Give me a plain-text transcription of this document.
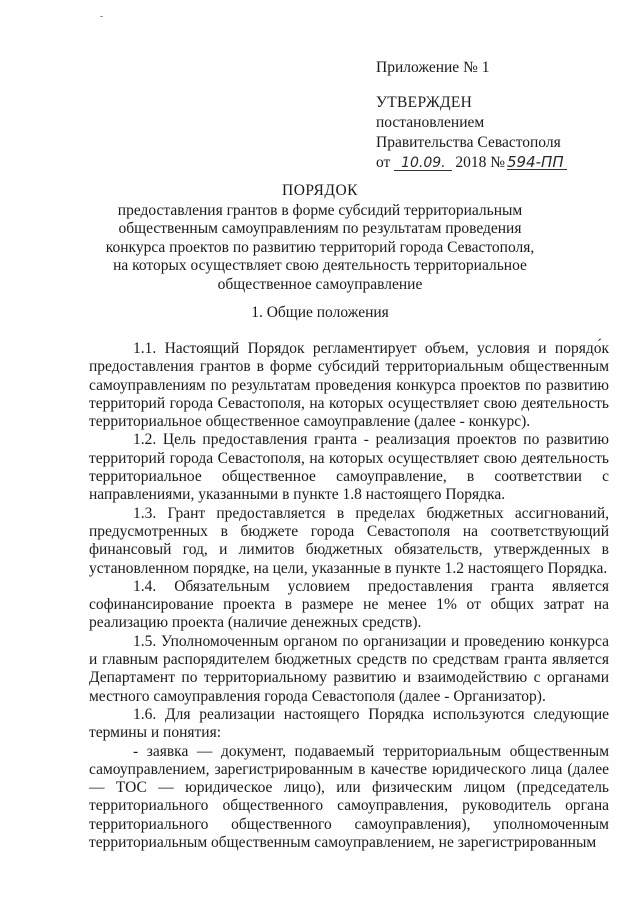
Приложение № 1
УТВЕРЖДЕН
постановлением
Правительства Севастополя
от 10.09. 2018 № 594-ПП
ПОРЯДОК
предоставления грантов в форме субсидий территориальным
общественным самоуправлениям по результатам проведения
конкурса проектов по развитию территорий города Севастополя,
на которых осуществляет свою деятельность территориальное
общественное самоуправление
1. Общие положения

1.1. Настоящий Порядок регламентирует объем, условия и порядо́к предоставления грантов в форме субсидий территориальным общественным самоуправлениям по результатам проведения конкурса проектов по развитию территорий города Севастополя, на которых осуществляет свою деятельность территориальное общественное самоуправление (далее - конкурс).

1.2. Цель предоставления гранта - реализация проектов по развитию территорий города Севастополя, на которых осуществляет свою деятельность территориальное общественное самоуправление, в соответствии с направлениями, указанными в пункте 1.8 настоящего Порядка.

1.3. Грант предоставляется в пределах бюджетных ассигнований, предусмотренных в бюджете города Севастополя на соответствующий финансовый год, и лимитов бюджетных обязательств, утвержденных в установленном порядке, на цели, указанные в пункте 1.2 настоящего Порядка.

1.4. Обязательным условием предоставления гранта является софинансирование проекта в размере не менее 1% от общих затрат на реализацию проекта (наличие денежных средств).

1.5. Уполномоченным органом по организации и проведению конкурса и главным распорядителем бюджетных средств по средствам гранта является Департамент по территориальному развитию и взаимодействию с органами местного самоуправления города Севастополя (далее - Организатор).

1.6. Для реализации настоящего Порядка используются следующие термины и понятия:

- заявка — документ, подаваемый территориальным общественным самоуправлением, зарегистрированным в качестве юридического лица (далее — ТОС — юридическое лицо), или физическим лицом (председатель территориального общественного самоуправления, руководитель органа территориального общественного самоуправления), уполномоченным территориальным общественным самоуправлением, не зарегистрированным
